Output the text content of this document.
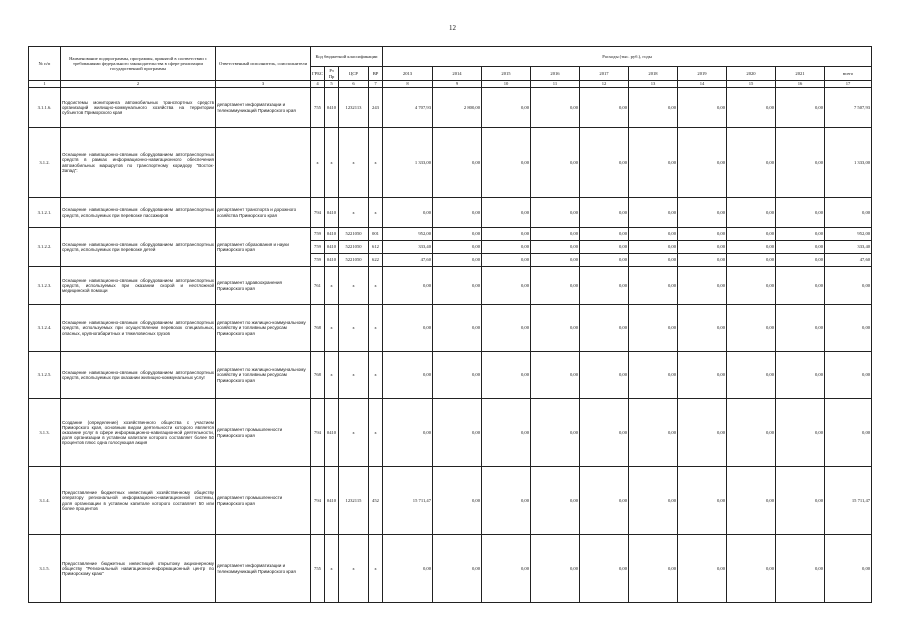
12
№ п/п	Наименование подпрограммы, программы, принятой в соответствии с требованиями федерального законодательства в сфере реализации государственной программы	Ответственный исполнитель, соисполнители	Код бюджетной классификации				Расходы (тыс. руб.), годы									
			ГРБС	Рз Пр	ЦСР	ВР	2013	2014	2015	2016	2017	2018	2019	2020	2021	всего
1	2	3	4	5	6	7	8	9	10	11	12	13	14	15	16	17
3.1.1.6.	Подсистемы мониторинга автомобильных транспортных средств организаций жилищно-коммунального хозяйства на территории субъектов Приморского края	департамент информатизации и телекоммуникаций Приморского края	755	0410	1232113	243	4 707,93	2 800,00	0,00	0,00	0,00	0,00	0,00	0,00	0,00	7 507,93
3.1.2.	Оснащение навигационно-связным оборудованием автотранспортных средств в рамках информационно-навигационного обеспечения автомобильных маршрутов по транспортному коридору "Восток- Запад":		х	х	х	х	1 333,00	0,00	0,00	0,00	0,00	0,00	0,00	0,00	0,00	1 333,00
3.1.2.1.	Оснащение навигационно-связным оборудованием автотранспортных средств, используемых при перевозке пассажиров	департамент транспорта и дорожного хозяйства Приморского края	794	0410	х	х	0,00	0,00	0,00	0,00	0,00	0,00	0,00	0,00	0,00	0,00
3.1.2.2.	Оснащение навигационно-связным оборудованием автотранспортных средств, используемых при перевозке детей	департамент образования и науки Приморского края	759	0410	5221050	001	952,00	0,00	0,00	0,00	0,00	0,00	0,00	0,00	0,00	952,00
			759	0410	5221050	612	333,40	0,00	0,00	0,00	0,00	0,00	0,00	0,00	0,00	333,40
			759	0410	5221050	622	47,60	0,00	0,00	0,00	0,00	0,00	0,00	0,00	0,00	47,60
3.1.2.3.	Оснащение навигационно-связным оборудованием автотранспортных средств, используемых при оказании скорой и неотложной медицинской помощи	департамент здравоохранения Приморского края	761	х	х	х	0,00	0,00	0,00	0,00	0,00	0,00	0,00	0,00	0,00	0,00
3.1.2.4.	Оснащение навигационно-связным оборудованием автотранспортных средств, используемых при осуществлении перевозок специальных, опасных, крупногабаритных и тяжеловесных грузов	департамент по жилищно-коммунальному хозяйству и топливным ресурсам Приморского края	768	х	х	х	0,00	0,00	0,00	0,00	0,00	0,00	0,00	0,00	0,00	0,00
3.1.2.5.	Оснащение навигационно-связным оборудованием автотранспортных средств, используемых при оказании жилищно-коммунальных услуг	департамент по жилищно-коммунальному хозяйству и топливным ресурсам Приморского края	768	х	х	х	0,00	0,00	0,00	0,00	0,00	0,00	0,00	0,00	0,00	0,00
3.1.3.	Создание (определение) хозяйственного общества с участием Приморского края, основным видом деятельности которого является оказание услуг в сфере информационно-навигационной деятельности, доля организации в уставном капитале которого составляет более 50 процентов плюс одна голосующая акция	департамент промышленности Приморского края	794	0410	х	х	0,00	0,00	0,00	0,00	0,00	0,00	0,00	0,00	0,00	0,00
3.1.4.	Предоставление бюджетных инвестиций хозяйственному обществу оператору региональной информационно-навигационной системы, доля организации в уставном капитале которого составляет 50 или более процентов	департамент промышленности Приморского края	794	0410	1232115	452	15 711,47	0,00	0,00	0,00	0,00	0,00	0,00	0,00	0,00	15 711,47
3.1.5.	Предоставление бюджетных инвестиций открытому акционерному обществу "Региональный навигационно-информационный центр по Приморскому краю"	департамент информатизации и телекоммуникаций Приморского края	755	х	х	х	0,00	0,00	0,00	0,00	0,00	0,00	0,00	0,00	0,00	0,00
